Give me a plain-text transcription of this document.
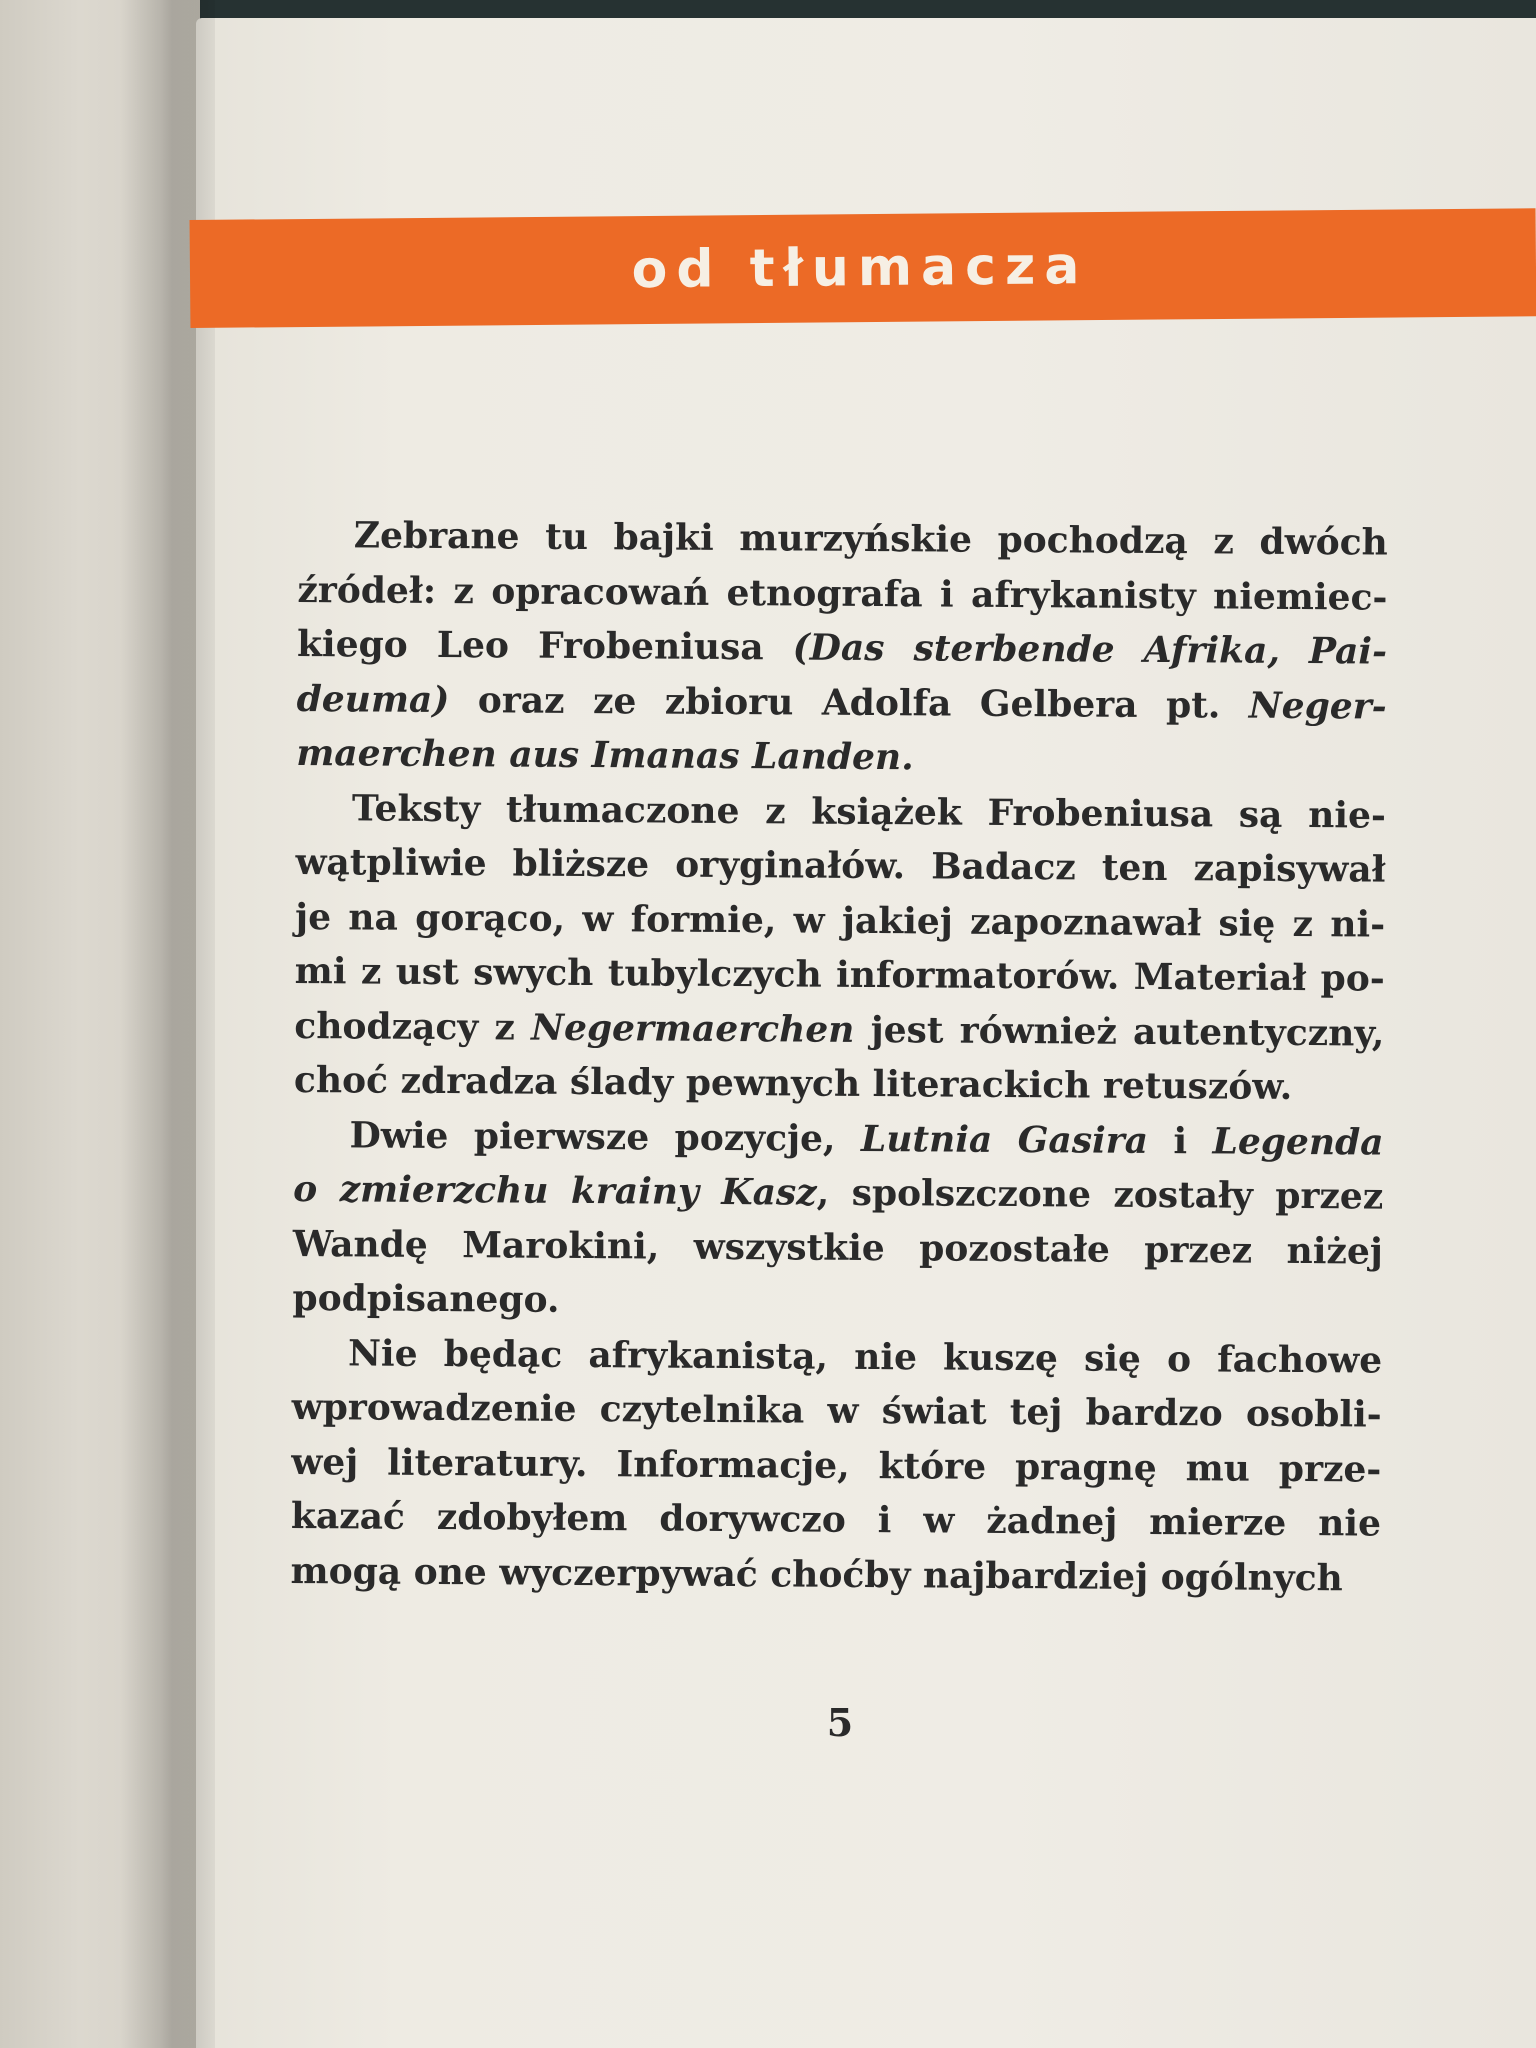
od tłumacza
Zebrane tu bajki murzyńskie pochodzą z dwóch
źródeł: z opracowań etnografa i afrykanisty niemiec-
kiego Leo Frobeniusa (Das sterbende Afrika, Pai-
deuma) oraz ze zbioru Adolfa Gelbera pt. Neger-
maerchen aus Imanas Landen.
Teksty tłumaczone z książek Frobeniusa są nie-
wątpliwie bliższe oryginałów. Badacz ten zapisywał
je na gorąco, w formie, w jakiej zapoznawał się z ni-
mi z ust swych tubylczych informatorów. Materiał po-
chodzący z Negermaerchen jest również autentyczny,
choć zdradza ślady pewnych literackich retuszów.
Dwie pierwsze pozycje, Lutnia Gasira i Legenda
o zmierzchu krainy Kasz, spolszczone zostały przez
Wandę Marokini, wszystkie pozostałe przez niżej
podpisanego.
Nie będąc afrykanistą, nie kuszę się o fachowe
wprowadzenie czytelnika w świat tej bardzo osobli-
wej literatury. Informacje, które pragnę mu prze-
kazać zdobyłem dorywczo i w żadnej mierze nie
mogą one wyczerpywać choćby najbardziej ogólnych
5
